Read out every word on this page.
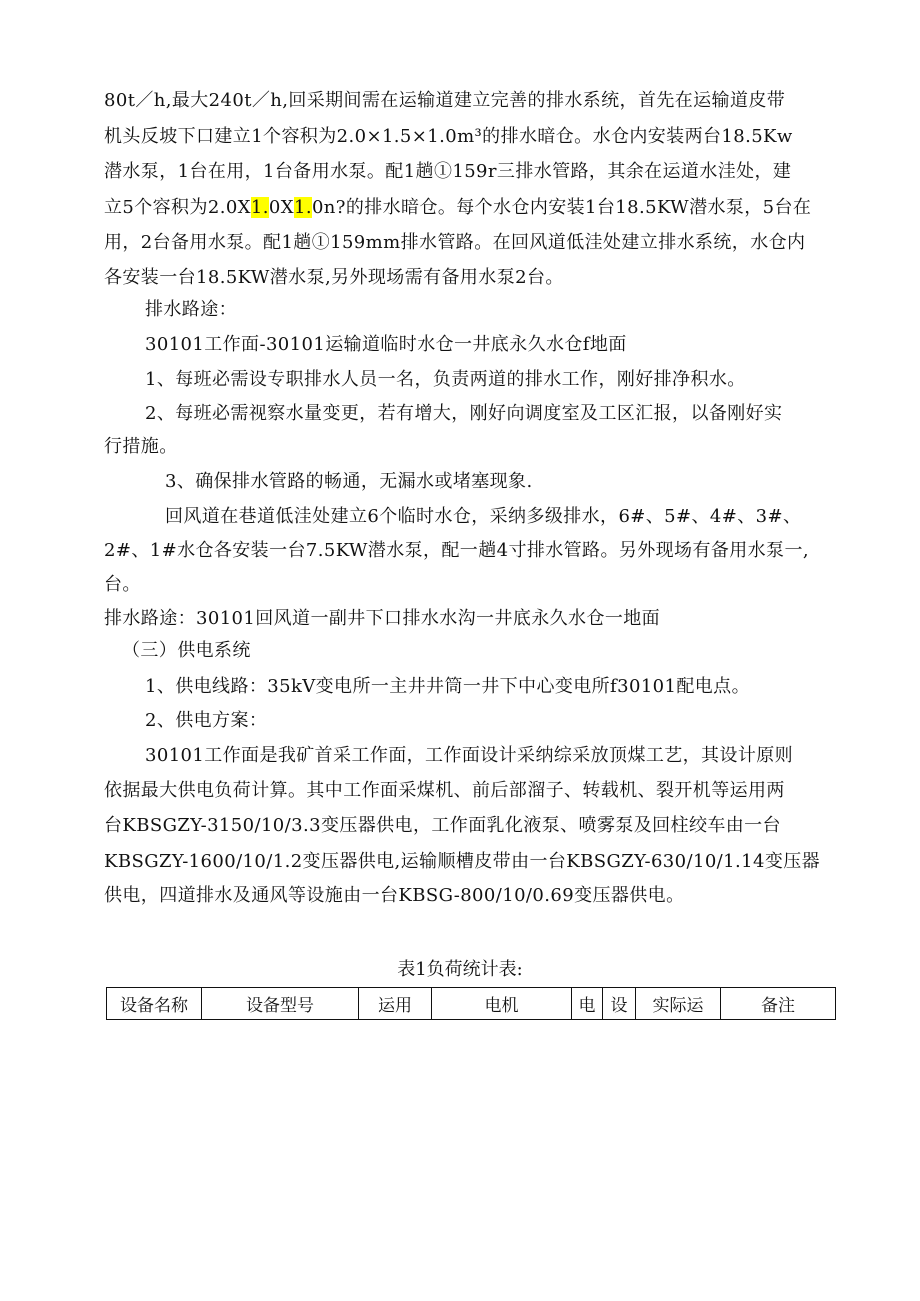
80t／h,最大240t／h,回采期间需在运输道建立完善的排水系统，首先在运输道皮带
机头反坡下口建立1个容积为2.0×1.5×1.0m³的排水暗仓。水仓内安装两台18.5Kw
潜水泵，1台在用，1台备用水泵。配1趟①159r三排水管路，其余在运道水洼处，建
立5个容积为2.0X1.0X1.0n?的排水暗仓。每个水仓内安装1台18.5KW潜水泵，5台在
用，2台备用水泵。配1趟①159mm排水管路。在回风道低洼处建立排水系统，水仓内
各安装一台18.5KW潜水泵,另外现场需有备用水泵2台。
排水路途：
30101工作面-30101运输道临时水仓一井底永久水仓f地面
1、每班必需设专职排水人员一名，负责两道的排水工作，刚好排净积水。
2、每班必需视察水量变更，若有增大，刚好向调度室及工区汇报，以备刚好实
行措施。
3、确保排水管路的畅通，无漏水或堵塞现象.
回风道在巷道低洼处建立6个临时水仓，采纳多级排水，6#、5#、4#、3#、
2#、1#水仓各安装一台7.5KW潜水泵，配一趟4寸排水管路。另外现场有备用水泵一,
台。
排水路途：30101回风道一副井下口排水水沟一井底永久水仓一地面
（三）供电系统
1、供电线路：35kV变电所一主井井筒一井下中心变电所f30101配电点。
2、供电方案：
30101工作面是我矿首采工作面，工作面设计采纳综采放顶煤工艺，其设计原则
依据最大供电负荷计算。其中工作面采煤机、前后部溜子、转载机、裂开机等运用两
台KBSGZY-3150/10/3.3变压器供电，工作面乳化液泵、喷雾泵及回柱绞车由一台
KBSGZY-1600/10/1.2变压器供电,运输顺槽皮带由一台KBSGZY-630/10/1.14变压器
供电，四道排水及通风等设施由一台KBSG-800/10/0.69变压器供电。
表1负荷统计表:
设备名称	设备型号	运用	电机	电	设	实际运	备注
